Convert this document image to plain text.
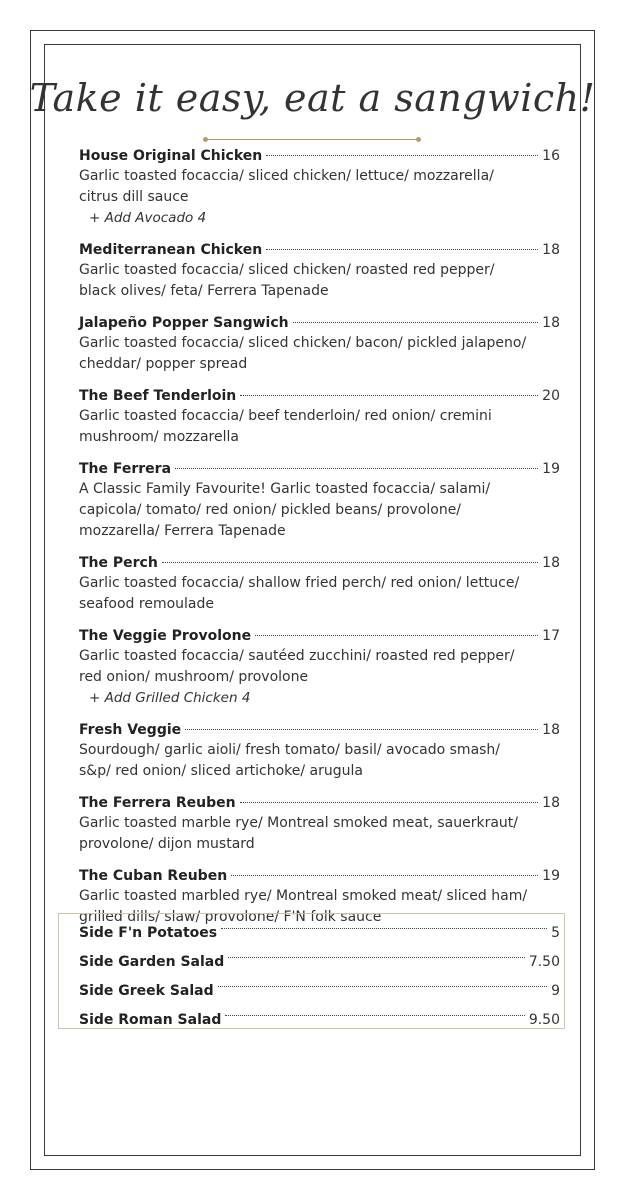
Take it easy, eat a sangwich!
House Original Chicken	16
Garlic toasted focaccia/ sliced chicken/ lettuce/ mozzarella/ citrus dill sauce
+ Add Avocado 4
Mediterranean Chicken	18
Garlic toasted focaccia/ sliced chicken/ roasted red pepper/ black olives/ feta/ Ferrera Tapenade
Jalapeño Popper Sangwich	18
Garlic toasted focaccia/ sliced chicken/ bacon/ pickled jalapeno/ cheddar/ popper spread
The Beef Tenderloin	20
Garlic toasted focaccia/ beef tenderloin/ red onion/ cremini mushroom/ mozzarella
The Ferrera	19
A Classic Family Favourite! Garlic toasted focaccia/ salami/ capicola/ tomato/ red onion/ pickled beans/ provolone/ mozzarella/ Ferrera Tapenade
The Perch	18
Garlic toasted focaccia/ shallow fried perch/ red onion/ lettuce/ seafood remoulade
The Veggie Provolone	17
Garlic toasted focaccia/ sautéed zucchini/ roasted red pepper/ red onion/ mushroom/ provolone
+ Add Grilled Chicken 4
Fresh Veggie	18
Sourdough/ garlic aioli/ fresh tomato/ basil/ avocado smash/ s&p/ red onion/ sliced artichoke/ arugula
The Ferrera Reuben	18
Garlic toasted marble rye/ Montreal smoked meat, sauerkraut/ provolone/ dijon mustard
The Cuban Reuben	19
Garlic toasted marbled rye/ Montreal smoked meat/ sliced ham/ grilled dills/ slaw/ provolone/ F'N folk sauce
Side F'n Potatoes	5
Side Garden Salad	7.50
Side Greek Salad	9
Side Roman Salad	9.50
